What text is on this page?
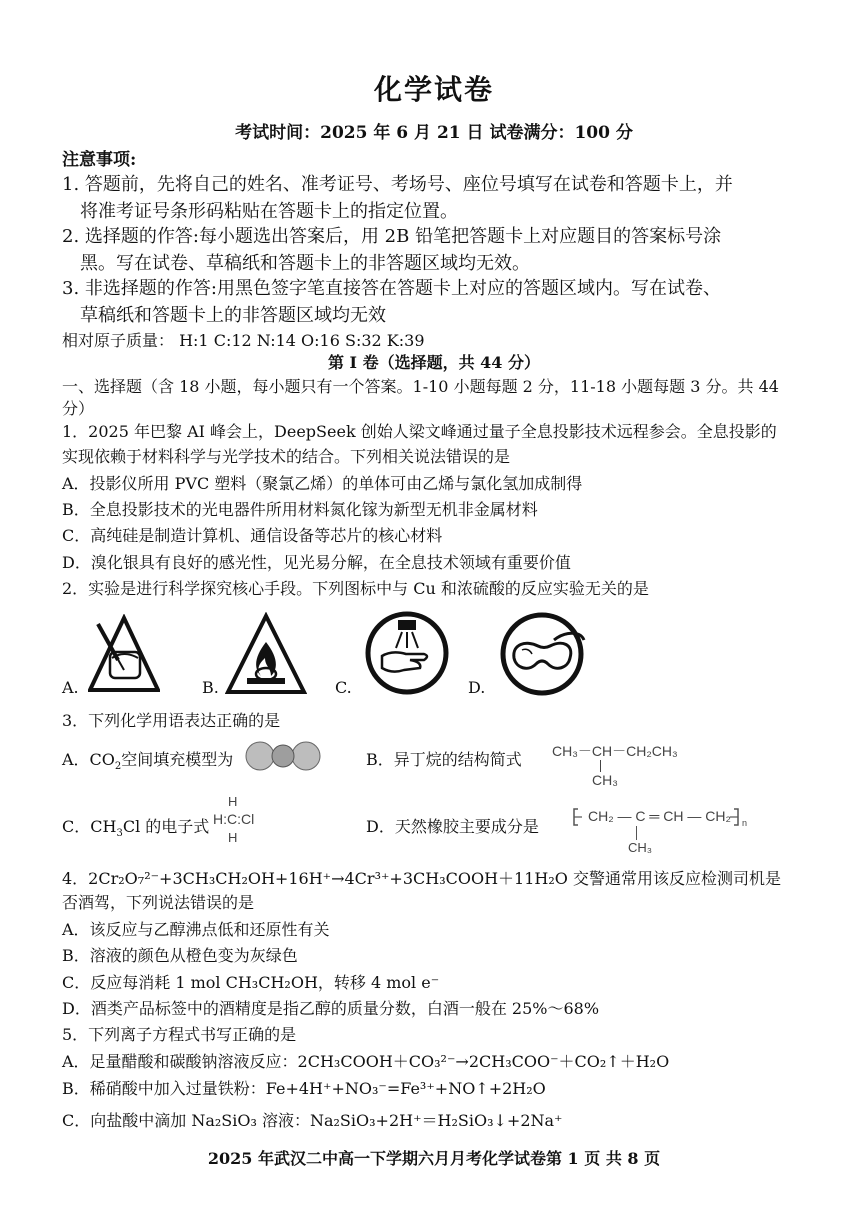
化学试卷
考试时间：2025 年 6 月 21 日 试卷满分：100 分
注意事项:
1. 答题前，先将自己的姓名、准考证号、考场号、座位号填写在试卷和答题卡上，并
将准考证号条形码粘贴在答题卡上的指定位置。
2. 选择题的作答:每小题选出答案后，用 2B 铅笔把答题卡上对应题目的答案标号涂
黑。写在试卷、草稿纸和答题卡上的非答题区域均无效。
3. 非选择题的作答:用黑色签字笔直接答在答题卡上对应的答题区域内。写在试卷、
草稿纸和答题卡上的非答题区域均无效
相对原子质量： H:1 C:12 N:14 O:16 S:32 K:39
第 I 卷（选择题，共 44 分）
一、选择题（含 18 小题，每小题只有一个答案。1-10 小题每题 2 分，11-18 小题每题 3 分。共 44
分）
1．2025 年巴黎 AI 峰会上，DeepSeek 创始人梁文峰通过量子全息投影技术远程参会。全息投影的
实现依赖于材料科学与光学技术的结合。下列相关说法错误的是
A．投影仪所用 PVC 塑料（聚氯乙烯）的单体可由乙烯与氯化氢加成制得
B．全息投影技术的光电器件所用材料氮化镓为新型无机非金属材料
C．高纯硅是制造计算机、通信设备等芯片的核心材料
D．溴化银具有良好的感光性，见光易分解，在全息技术领域有重要价值
2．实验是进行科学探究核心手段。下列图标中与 Cu 和浓硫酸的反应实验无关的是
A.	B.	C.	D.
3．下列化学用语表达正确的是
A．$CO_2$空间填充模型为	B．异丁烷的结构简式 CH₃－CH－CH₂CH₃
CH₃
C．$CH_3Cl$ 的电子式
H
H:C:Cl
H
D．天然橡胶主要成分是
CH₂ — C ═ CH — CH₂ n
CH₃
4．2Cr₂O₇²⁻+3CH₃CH₂OH+16H⁺→4Cr³⁺+3CH₃COOH＋11H₂O 交警通常用该反应检测司机是
否酒驾，下列说法错误的是
A．该反应与乙醇沸点低和还原性有关
B．溶液的颜色从橙色变为灰绿色
C．反应每消耗 1 mol CH₃CH₂OH，转移 4 mol e⁻
D．酒类产品标签中的酒精度是指乙醇的质量分数，白酒一般在 25%～68%
5．下列离子方程式书写正确的是
A．足量醋酸和碳酸钠溶液反应：2CH₃COOH＋CO₃²⁻→2CH₃COO⁻＋CO₂↑＋H₂O
B．稀硝酸中加入过量铁粉：Fe+4H⁺+NO₃⁻=Fe³⁺+NO↑+2H₂O
C．向盐酸中滴加 Na₂SiO₃ 溶液：Na₂SiO₃+2H⁺＝H₂SiO₃↓+2Na⁺
2025 年武汉二中高一下学期六月月考化学试卷第 1 页 共 8 页
